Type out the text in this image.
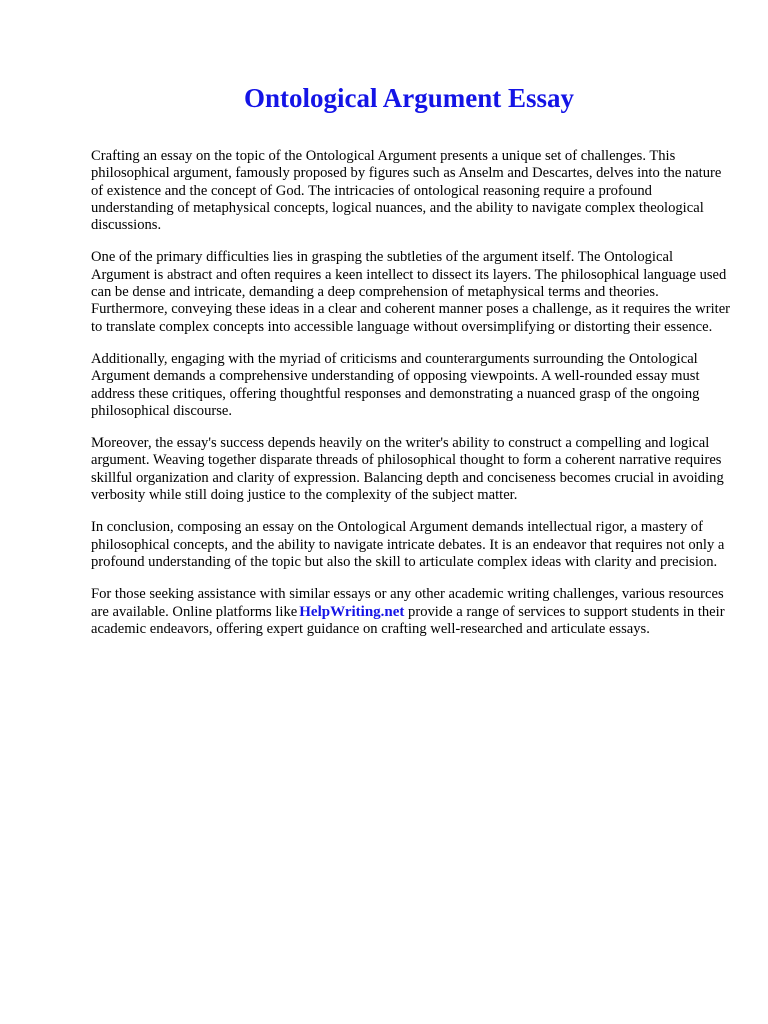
Ontological Argument Essay

Crafting an essay on the topic of the Ontological Argument presents a unique set of challenges. This philosophical argument, famously proposed by figures such as Anselm and Descartes, delves into the nature of existence and the concept of God. The intricacies of ontological reasoning require a profound understanding of metaphysical concepts, logical nuances, and the ability to navigate complex theological discussions.

One of the primary difficulties lies in grasping the subtleties of the argument itself. The Ontological Argument is abstract and often requires a keen intellect to dissect its layers. The philosophical language used can be dense and intricate, demanding a deep comprehension of metaphysical terms and theories. Furthermore, conveying these ideas in a clear and coherent manner poses a challenge, as it requires the writer to translate complex concepts into accessible language without oversimplifying or distorting their essence.

Additionally, engaging with the myriad of criticisms and counterarguments surrounding the Ontological Argument demands a comprehensive understanding of opposing viewpoints. A well-rounded essay must address these critiques, offering thoughtful responses and demonstrating a nuanced grasp of the ongoing philosophical discourse.

Moreover, the essay's success depends heavily on the writer's ability to construct a compelling and logical argument. Weaving together disparate threads of philosophical thought to form a coherent narrative requires skillful organization and clarity of expression. Balancing depth and conciseness becomes crucial in avoiding verbosity while still doing justice to the complexity of the subject matter.

In conclusion, composing an essay on the Ontological Argument demands intellectual rigor, a mastery of philosophical concepts, and the ability to navigate intricate debates. It is an endeavor that requires not only a profound understanding of the topic but also the skill to articulate complex ideas with clarity and precision.

For those seeking assistance with similar essays or any other academic writing challenges, various resources are available. Online platforms like HelpWriting.net provide a range of services to support students in their academic endeavors, offering expert guidance on crafting well-researched and articulate essays.
